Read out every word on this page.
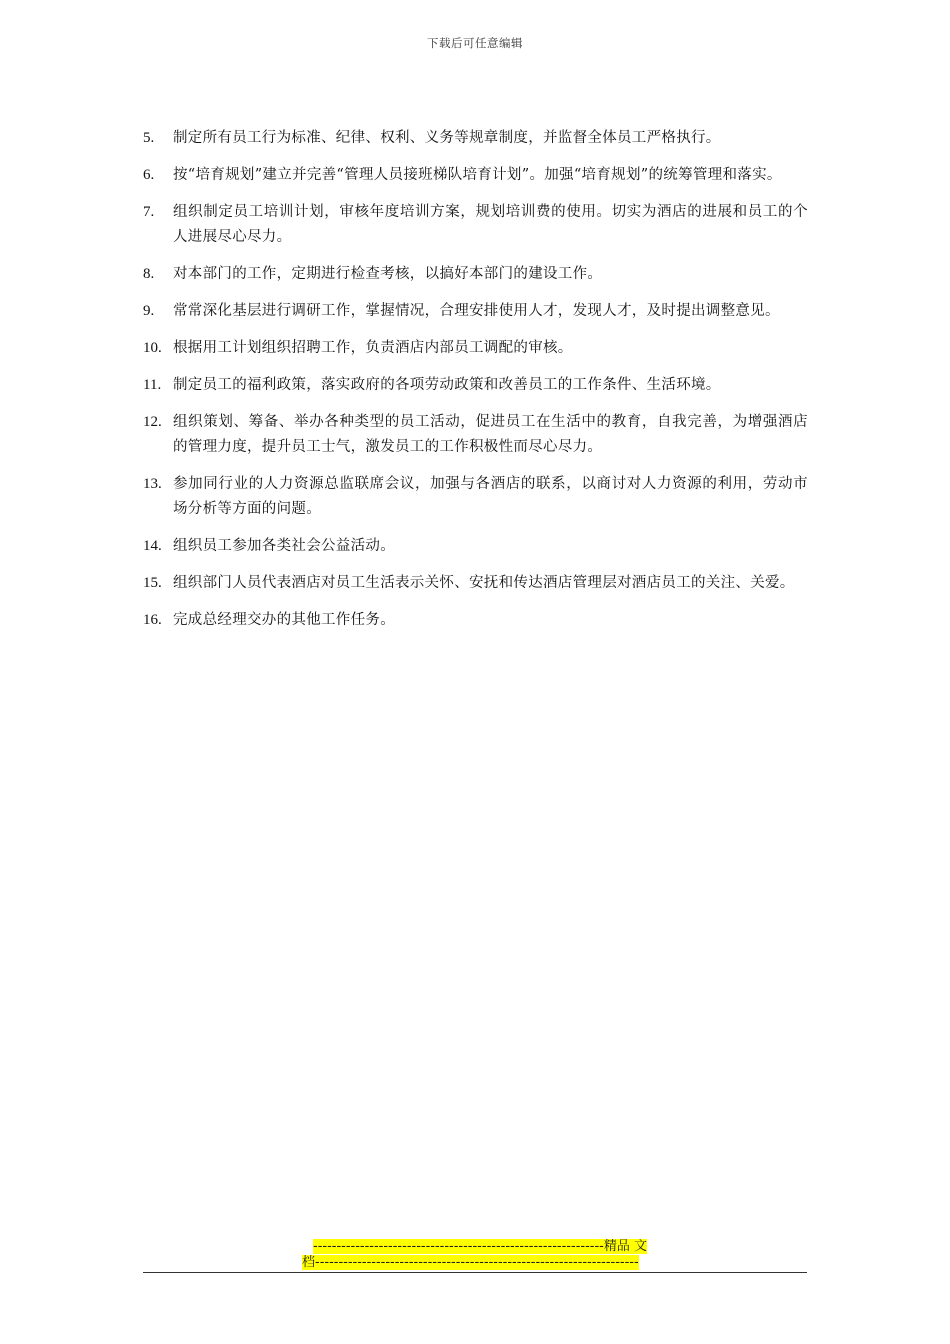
下载后可任意编辑
5.	制定所有员工行为标准、纪律、权利、义务等规章制度，并监督全体员工严格执行。
6.	按“培育规划”建立并完善“管理人员接班梯队培育计划”。加强“培育规划”的统筹管理和落实。
7.	组织制定员工培训计划，审核年度培训方案，规划培训费的使用。切实为酒店的进展和员工的个人进展尽心尽力。
8.	对本部门的工作，定期进行检查考核，以搞好本部门的建设工作。
9.	常常深化基层进行调研工作，掌握情况，合理安排使用人才，发现人才，及时提出调整意见。
10. 根据用工计划组织招聘工作，负责酒店内部员工调配的审核。
11. 制定员工的福利政策，落实政府的各项劳动政策和改善员工的工作条件、生活环境。
12. 组织策划、筹备、举办各种类型的员工活动，促进员工在生活中的教育，自我完善，为增强酒店的管理力度，提升员工士气，激发员工的工作积极性而尽心尽力。
13. 参加同行业的人力资源总监联席会议，加强与各酒店的联系，以商讨对人力资源的利用，劳动市场分析等方面的问题。
14. 组织员工参加各类社会公益活动。
15. 组织部门人员代表酒店对员工生活表示关怀、安抚和传达酒店管理层对酒店员工的关注、关爱。
16. 完成总经理交办的其他工作任务。
--------------------------------------------------------------精品 文
档---------------------------------------------------------------------
